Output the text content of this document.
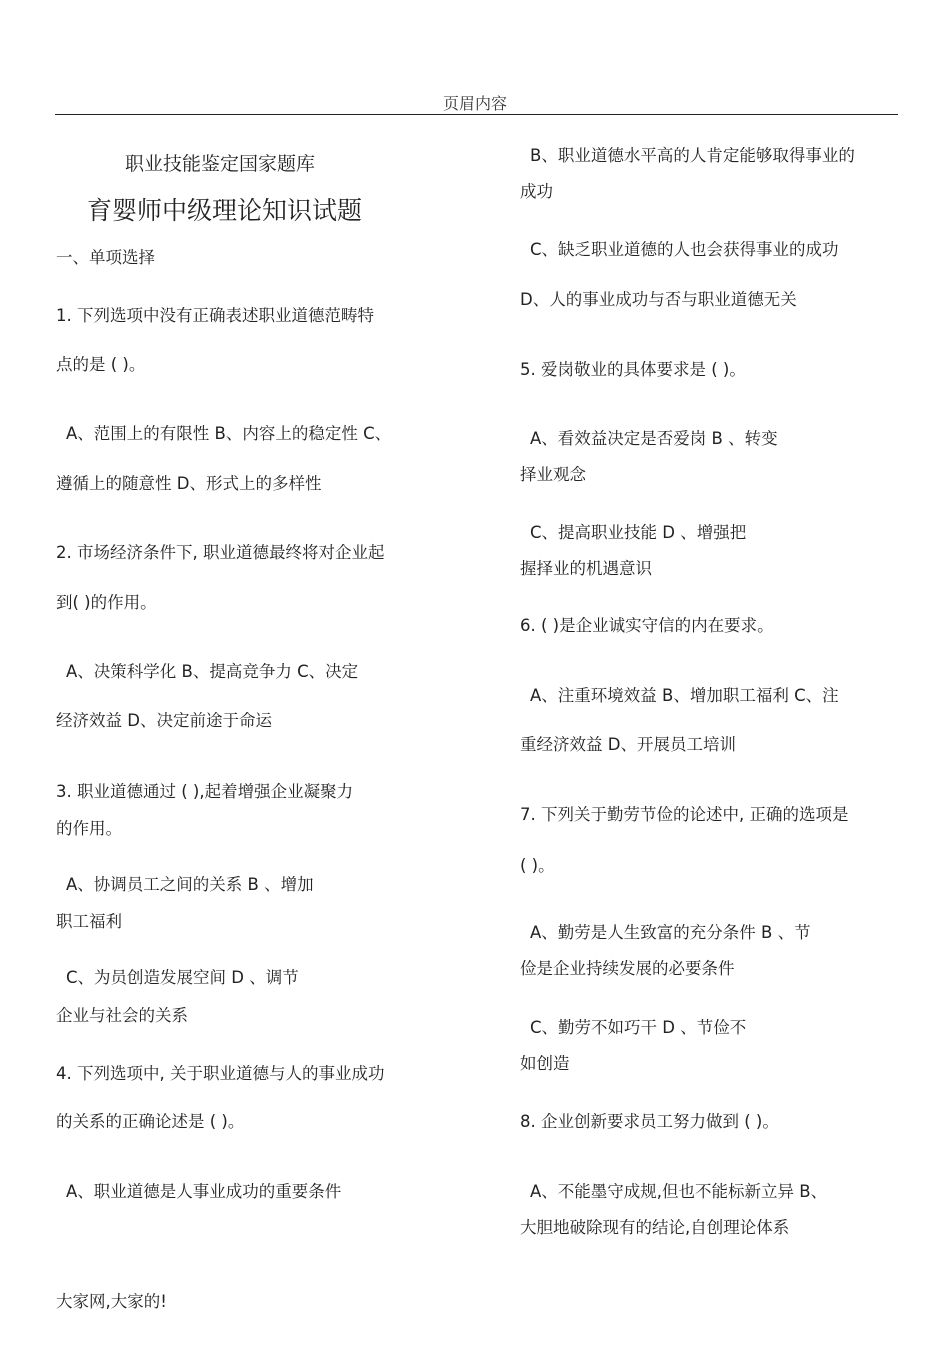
页眉内容
职业技能鉴定国家题库
育婴师中级理论知识试题
一、单项选择
1. 下列选项中没有正确表述职业道德范畴特
点的是 ( )。
A、范围上的有限性 B、内容上的稳定性 C、
遵循上的随意性 D、形式上的多样性
2. 市场经济条件下, 职业道德最终将对企业起
到( )的作用。
A、决策科学化 B、提高竞争力 C、决定
经济效益 D、决定前途于命运
3. 职业道德通过 ( ),起着增强企业凝聚力
的作用。
A、协调员工之间的关系 B 、增加
职工福利
C、为员创造发展空间 D 、调节
企业与社会的关系
4. 下列选项中, 关于职业道德与人的事业成功
的关系的正确论述是 ( )。
A、职业道德是人事业成功的重要条件
B、职业道德水平高的人肯定能够取得事业的
成功
C、缺乏职业道德的人也会获得事业的成功
D、人的事业成功与否与职业道德无关
5. 爱岗敬业的具体要求是 ( )。
A、看效益决定是否爱岗 B 、转变
择业观念
C、提高职业技能 D 、增强把
握择业的机遇意识
6. ( )是企业诚实守信的内在要求。
A、注重环境效益 B、增加职工福利 C、注
重经济效益 D、开展员工培训
7. 下列关于勤劳节俭的论述中, 正确的选项是
( )。
A、勤劳是人生致富的充分条件 B 、节
俭是企业持续发展的必要条件
C、勤劳不如巧干 D 、节俭不
如创造
8. 企业创新要求员工努力做到 ( )。
A、不能墨守成规,但也不能标新立异 B、
大胆地破除现有的结论,自创理论体系
大家网,大家的!
